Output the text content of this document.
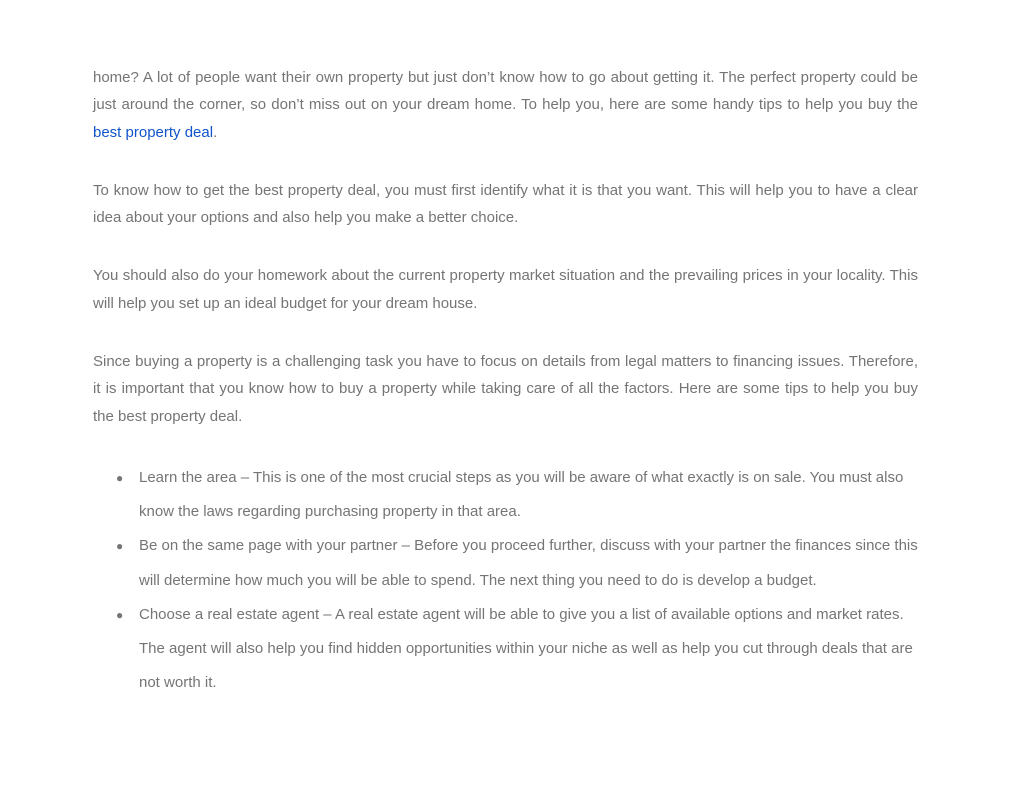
home? A lot of people want their own property but just don’t know how to go about getting it. The perfect property could be just around the corner, so don’t miss out on your dream home. To help you, here are some handy tips to help you buy the best property deal.

To know how to get the best property deal, you must first identify what it is that you want. This will help you to have a clear idea about your options and also help you make a better choice.

You should also do your homework about the current property market situation and the prevailing prices in your locality. This will help you set up an ideal budget for your dream house.

Since buying a property is a challenging task you have to focus on details from legal matters to financing issues. Therefore, it is important that you know how to buy a property while taking care of all the factors. Here are some tips to help you buy the best property deal.

● Learn the area – This is one of the most crucial steps as you will be aware of what exactly is on sale. You must also know the laws regarding purchasing property in that area.
● Be on the same page with your partner – Before you proceed further, discuss with your partner the finances since this will determine how much you will be able to spend. The next thing you need to do is develop a budget.
● Choose a real estate agent – A real estate agent will be able to give you a list of available options and market rates. The agent will also help you find hidden opportunities within your niche as well as help you cut through deals that are not worth it.
